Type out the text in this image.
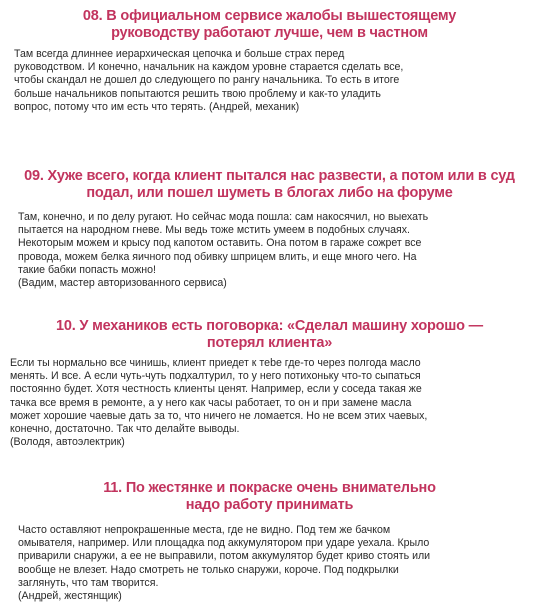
08. В официальном сервисе жалобы вышестоящему руководству работают лучше, чем в частном

Там всегда длиннее иерархическая цепочка и больше страх перед руководством. И конечно, начальник на каждом уровне старается сделать все, чтобы скандал не дошел до следующего по рангу начальника. То есть в итоге больше начальников попытаются решить твою проблему и как-то уладить вопрос, потому что им есть что терять. (Андрей, механик)

09. Хуже всего, когда клиент пытался нас развести, а потом или в суд подал, или пошел шуметь в блогах либо на форуме

Там, конечно, и по делу ругают. Но сейчас мода пошла: сам накосячил, но выехать пытается на народном гневе. Мы ведь тоже мстить умеем в подобных случаях. Некоторым можем и крысу под капотом оставить. Она потом в гараже сожрет все провода, можем белка яичного под обивку шприцем влить, и еще много чего. На такие бабки попасть можно!

(Вадим, мастер авторизованного сервиса)

10. У механиков есть поговорка: «Сделал машину хорошо — потерял клиента»

Если ты нормально все чинишь, клиент приедет к тebe где-то через полгода масло менять. И все. А если чуть-чуть подхалтурил, то у него потихоньку что-то сыпаться постоянно будет. Хотя честность клиенты ценят. Например, если у соседа такая же тачка все время в ремонте, а у него как часы работает, то он и при замене масла может хорошие чаевые дать за то, что ничего не ломается. Но не всем этих чаевых, конечно, достаточно. Так что делайте выводы.

(Володя, автоэлектрик)

11. По жестянке и покраске очень внимательно надо работу принимать

Часто оставляют непрокрашенные места, где не видно. Под тем же бачком омывателя, например. Или площадка под аккумулятором при ударе уехала. Крыло приварили снаружи, а ее не выправили, потом аккумулятор будет криво стоять или вообще не влезет. Надо смотреть не только снаружи, короче. Под подкрылки заглянуть, что там творится.

(Андрей, жестянщик)
